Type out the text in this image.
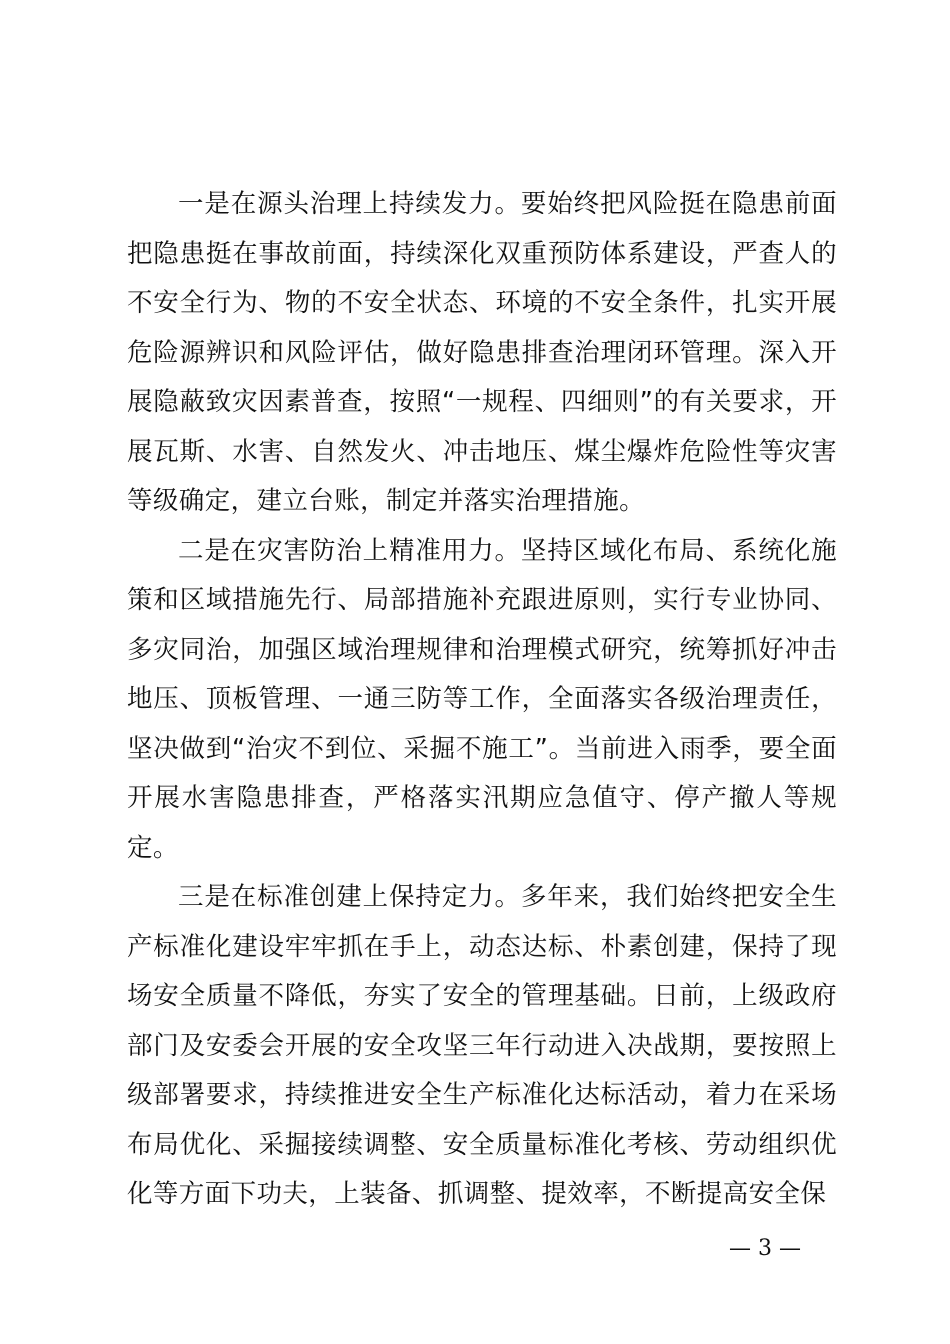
一是在源头治理上持续发力。要始终把风险挺在隐患前面把隐患挺在事故前面，持续深化双重预防体系建设，严查人的不安全行为、物的不安全状态、环境的不安全条件，扎实开展危险源辨识和风险评估，做好隐患排查治理闭环管理。深入开展隐蔽致灾因素普查，按照“一规程、四细则”的有关要求，开展瓦斯、水害、自然发火、冲击地压、煤尘爆炸危险性等灾害等级确定，建立台账，制定并落实治理措施。

二是在灾害防治上精准用力。坚持区域化布局、系统化施策和区域措施先行、局部措施补充跟进原则，实行专业协同、多灾同治，加强区域治理规律和治理模式研究，统筹抓好冲击地压、顶板管理、一通三防等工作，全面落实各级治理责任，坚决做到“治灾不到位、采掘不施工”。当前进入雨季，要全面开展水害隐患排查，严格落实汛期应急值守、停产撤人等规定。

三是在标准创建上保持定力。多年来，我们始终把安全生产标准化建设牢牢抓在手上，动态达标、朴素创建，保持了现场安全质量不降低，夯实了安全的管理基础。日前，上级政府部门及安委会开展的安全攻坚三年行动进入决战期，要按照上级部署要求，持续推进安全生产标准化达标活动，着力在采场布局优化、采掘接续调整、安全质量标准化考核、劳动组织优化等方面下功夫，上装备、抓调整、提效率，不断提高安全保

— 3 —
